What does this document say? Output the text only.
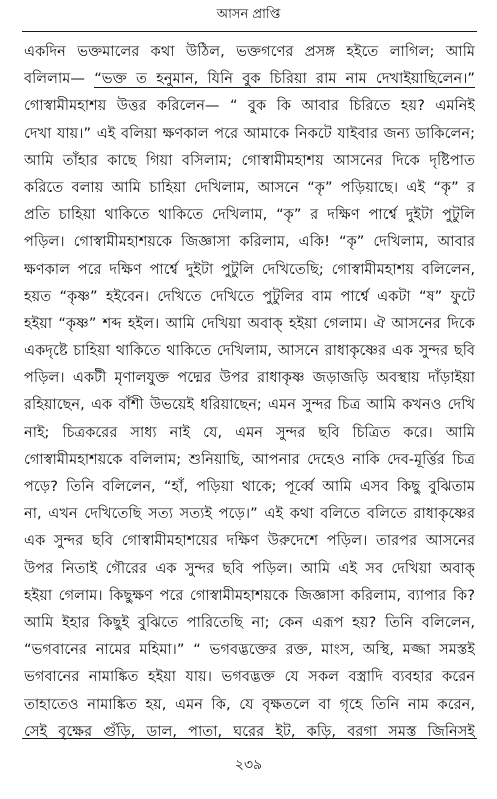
আসন প্রাপ্তি
একদিন ভক্তমালের কথা উঠিল, ভক্তগণের প্রসঙ্গ হইতে লাগিল; আমি
বলিলাম— “ভক্ত ত হনুমান, যিনি বুক চিরিয়া রাম নাম দেখাইয়াছিলেন।”
গোস্বামীমহাশয় উত্তর করিলেন— “ বুক কি আবার চিরিতে হয়? এমনিই
দেখা যায়।” এই বলিয়া ক্ষণকাল পরে আমাকে নিকটে যাইবার জন্য ডাকিলেন;
আমি তাঁহার কাছে গিয়া বসিলাম; গোস্বামীমহাশয় আসনের দিকে দৃষ্টিপাত
করিতে বলায় আমি চাহিয়া দেখিলাম, আসনে “কৃ” পড়িয়াছে। এই “কৃ” র
প্রতি চাহিয়া থাকিতে থাকিতে দেখিলাম, “কৃ” র দক্ষিণ পার্শ্বে দুইটা পুটুলি
পড়িল। গোস্বামীমহাশয়কে জিজ্ঞাসা করিলাম, একি! “কৃ” দেখিলাম, আবার
ক্ষণকাল পরে দক্ষিণ পার্শ্বে দুইটা পুটুলি দেখিতেছি; গোস্বামীমহাশয় বলিলেন,
হয়ত “কৃষ্ণ” হইবেন। দেখিতে দেখিতে পুটুলির বাম পার্শ্বে একটা “ষ” ফুটে
হইয়া “কৃষ্ণ” শব্দ হইল। আমি দেখিয়া অবাক্ হইয়া গেলাম। ঐ আসনের দিকে
একদৃষ্টে চাহিয়া থাকিতে থাকিতে দেখিলাম, আসনে রাধাকৃষ্ণের এক সুন্দর ছবি
পড়িল। একটী মৃণালযুক্ত পদ্মের উপর রাধাকৃষ্ণ জড়াজড়ি অবস্থায় দাঁড়াইয়া
রহিয়াছেন, এক বাঁশী উভয়েই ধরিয়াছেন; এমন সুন্দর চিত্র আমি কখনও দেখি
নাই; চিত্রকরের সাধ্য নাই যে, এমন সুন্দর ছবি চিত্রিত করে। আমি
গোস্বামীমহাশয়কে বলিলাম; শুনিয়াছি, আপনার দেহেও নাকি দেব-মূর্ত্তির চিত্র
পড়ে? তিনি বলিলেন, “হাঁ, পড়িয়া থাকে; পূর্ব্বে আমি এসব কিছু বুঝিতাম
না, এখন দেখিতেছি সত্য সত্যই পড়ে।” এই কথা বলিতে বলিতে রাধাকৃষ্ণের
এক সুন্দর ছবি গোস্বামীমহাশয়ের দক্ষিণ উরুদেশে পড়িল। তারপর আসনের
উপর নিতাই গৌরের এক সুন্দর ছবি পড়িল। আমি এই সব দেখিয়া অবাক্
হইয়া গেলাম। কিছুক্ষণ পরে গোস্বামীমহাশয়কে জিজ্ঞাসা করিলাম, ব্যাপার কি?
আমি ইহার কিছুই বুঝিতে পারিতেছি না; কেন এরূপ হয়? তিনি বলিলেন,
“ভগবানের নামের মহিমা।” “ ভগবদ্ভক্তের রক্ত, মাংস, অস্থি, মজ্জা সমস্তই
ভগবানের নামাঙ্কিত হইয়া যায়। ভগবদ্ভক্ত যে সকল বস্ত্রাদি ব্যবহার করেন
তাহাতেও নামাঙ্কিত হয়, এমন কি, যে বৃক্ষতলে বা গৃহে তিনি নাম করেন,
সেই বৃক্ষের গুঁড়ি, ডাল, পাতা, ঘরের ইট, কড়ি, বরগা সমস্ত জিনিসই
২৩৯
